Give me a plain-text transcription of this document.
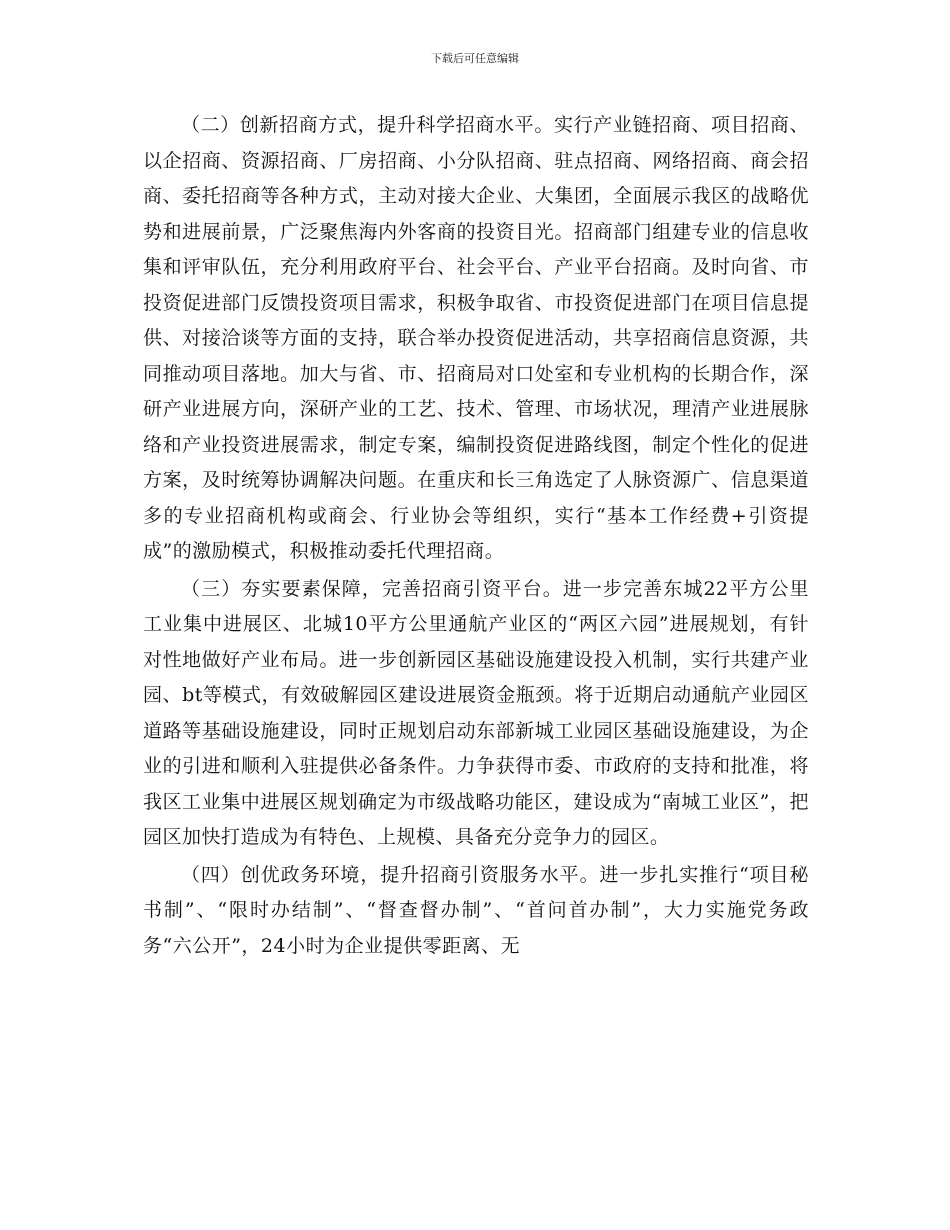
下载后可任意编辑

（二）创新招商方式，提升科学招商水平。实行产业链招商、项目招商、以企招商、资源招商、厂房招商、小分队招商、驻点招商、网络招商、商会招商、委托招商等各种方式，主动对接大企业、大集团，全面展示我区的战略优势和进展前景，广泛聚焦海内外客商的投资目光。招商部门组建专业的信息收集和评审队伍，充分利用政府平台、社会平台、产业平台招商。及时向省、市投资促进部门反馈投资项目需求，积极争取省、市投资促进部门在项目信息提供、对接洽谈等方面的支持，联合举办投资促进活动，共享招商信息资源，共同推动项目落地。加大与省、市、招商局对口处室和专业机构的长期合作，深研产业进展方向，深研产业的工艺、技术、管理、市场状况，理清产业进展脉络和产业投资进展需求，制定专案，编制投资促进路线图，制定个性化的促进方案，及时统筹协调解决问题。在重庆和长三角选定了人脉资源广、信息渠道多的专业招商机构或商会、行业协会等组织，实行“基本工作经费+引资提成”的激励模式，积极推动委托代理招商。

（三）夯实要素保障，完善招商引资平台。进一步完善东城22平方公里工业集中进展区、北城10平方公里通航产业区的“两区六园”进展规划，有针对性地做好产业布局。进一步创新园区基础设施建设投入机制，实行共建产业园、bt等模式，有效破解园区建设进展资金瓶颈。将于近期启动通航产业园区道路等基础设施建设，同时正规划启动东部新城工业园区基础设施建设，为企业的引进和顺利入驻提供必备条件。力争获得市委、市政府的支持和批准，将我区工业集中进展区规划确定为市级战略功能区，建设成为“南城工业区”，把园区加快打造成为有特色、上规模、具备充分竞争力的园区。

（四）创优政务环境，提升招商引资服务水平。进一步扎实推行“项目秘书制”、“限时办结制”、“督查督办制”、“首问首办制”，大力实施党务政务“六公开”，24小时为企业提供零距离、无
